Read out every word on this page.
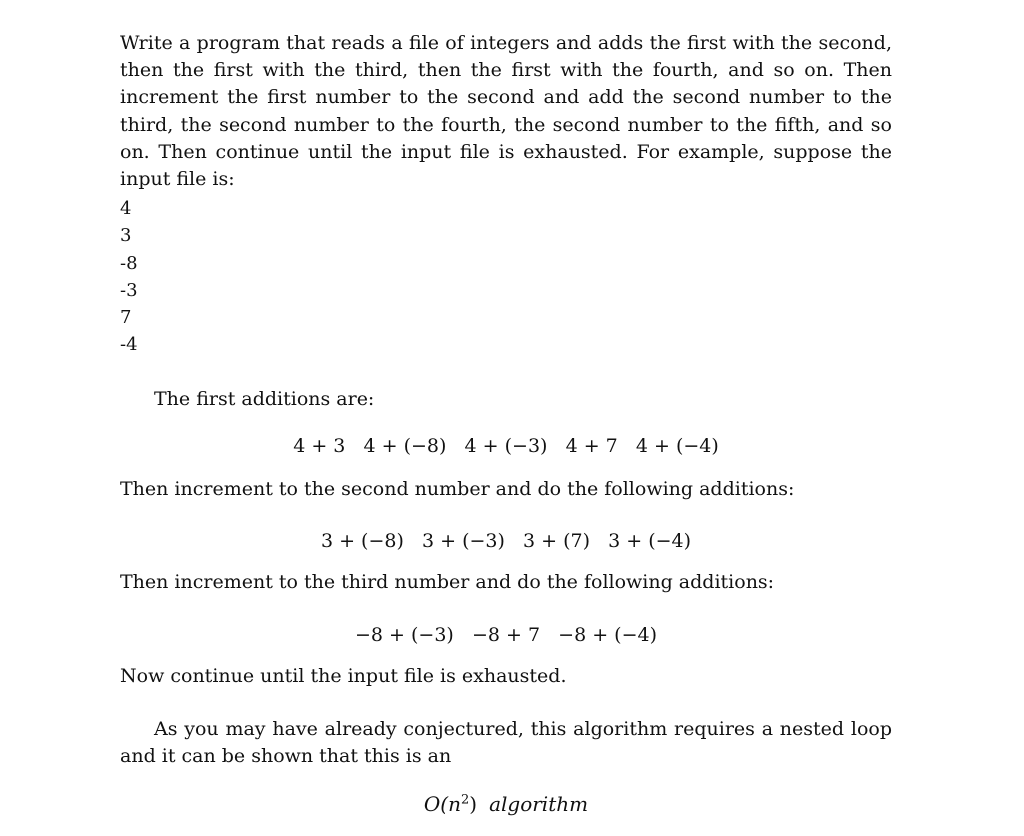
Write a program that reads a file of integers and adds the first with the second, then the first with the third, then the first with the fourth, and so on. Then increment the first number to the second and add the second number to the third, the second number to the fourth, the second number to the fifth, and so on. Then continue until the input file is exhausted. For example, suppose the input file is:

4
3
-8
-3
7
-4

The first additions are:

4 + 3   4 + (−8)   4 + (−3)   4 + 7   4 + (−4)

Then increment to the second number and do the following additions:

3 + (−8)   3 + (−3)   3 + (7)   3 + (−4)

Then increment to the third number and do the following additions:

−8 + (−3)   −8 + 7   −8 + (−4)

Now continue until the input file is exhausted.

As you may have already conjectured, this algorithm requires a nested loop and it can be shown that this is an

$O(n^2)$ algorithm
